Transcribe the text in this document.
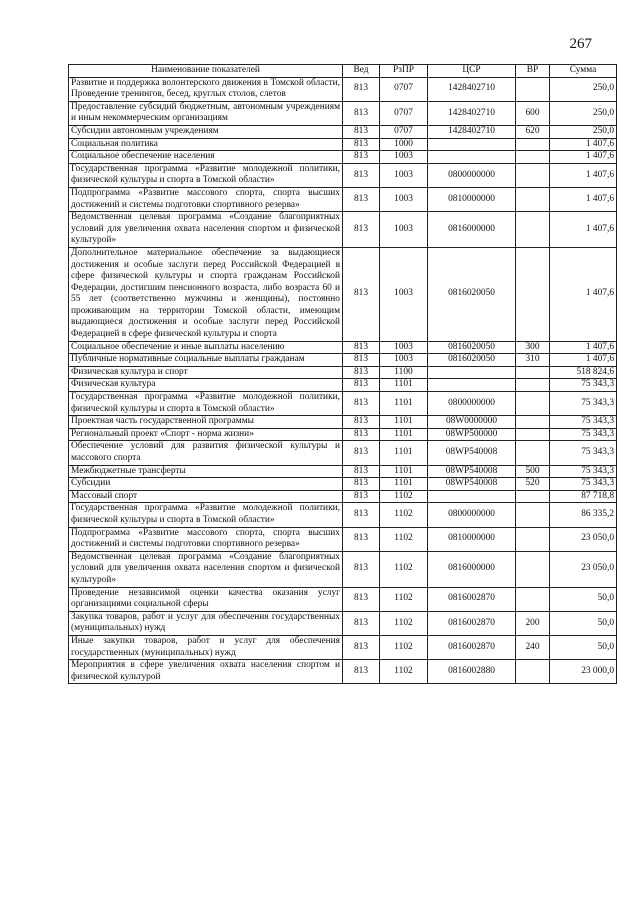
267
Наименование показателей	Вед	РзПР	ЦСР	ВР	Сумма
Развитие и поддержка волонтерского движения в Томской области, Проведение тренингов, бесед, круглых столов, слетов	813	0707	1428402710		250,0
Предоставление субсидий бюджетным, автономным учреждениям и иным некоммерческим организациям	813	0707	1428402710	600	250,0
Субсидии автономным учреждениям	813	0707	1428402710	620	250,0
Социальная политика	813	1000			1 407,6
Социальное обеспечение населения	813	1003			1 407,6
Государственная программа «Развитие молодежной политики, физической культуры и спорта в Томской области»	813	1003	0800000000		1 407,6
Подпрограмма «Развитие массового спорта, спорта высших достижений и системы подготовки спортивного резерва»	813	1003	0810000000		1 407,6
Ведомственная целевая программа «Создание благоприятных условий для увеличения охвата населения спортом и физической культурой»	813	1003	0816000000		1 407,6
Дополнительное материальное обеспечение за выдающиеся достижения и особые заслуги перед Российской Федерацией в сфере физической культуры и спорта гражданам Российской Федерации, достигшим пенсионного возраста, либо возраста 60 и 55 лет (соответственно мужчины и женщины), постоянно проживающим на территории Томской области, имеющим выдающиеся достижения и особые заслуги перед Российской Федерацией в сфере физической культуры и спорта	813	1003	0816020050		1 407,6
Социальное обеспечение и иные выплаты населению	813	1003	0816020050	300	1 407,6
Публичные нормативные социальные выплаты гражданам	813	1003	0816020050	310	1 407,6
Физическая культура и спорт	813	1100			518 824,6
Физическая культура	813	1101			75 343,3
Государственная программа «Развитие молодежной политики, физической культуры и спорта в Томской области»	813	1101	0800000000		75 343,3
Проектная часть государственной программы	813	1101	08W0000000		75 343,3
Региональный проект «Спорт - норма жизни»	813	1101	08WP500000		75 343,3
Обеспечение условий для развития физической культуры и массового спорта	813	1101	08WP540008		75 343,3
Межбюджетные трансферты	813	1101	08WP540008	500	75 343,3
Субсидии	813	1101	08WP540008	520	75 343,3
Массовый спорт	813	1102			87 718,8
Государственная программа «Развитие молодежной политики, физической культуры и спорта в Томской области»	813	1102	0800000000		86 335,2
Подпрограмма «Развитие массового спорта, спорта высших достижений и системы подготовки спортивного резерва»	813	1102	0810000000		23 050,0
Ведомственная целевая программа «Создание благоприятных условий для увеличения охвата населения спортом и физической культурой»	813	1102	0816000000		23 050,0
Проведение независимой оценки качества оказания услуг организациями социальной сферы	813	1102	0816002870		50,0
Закупка товаров, работ и услуг для обеспечения государственных (муниципальных) нужд	813	1102	0816002870	200	50,0
Иные закупки товаров, работ и услуг для обеспечения государственных (муниципальных) нужд	813	1102	0816002870	240	50,0
Мероприятия в сфере увеличения охвата населения спортом и физической культурой	813	1102	0816002880		23 000,0
